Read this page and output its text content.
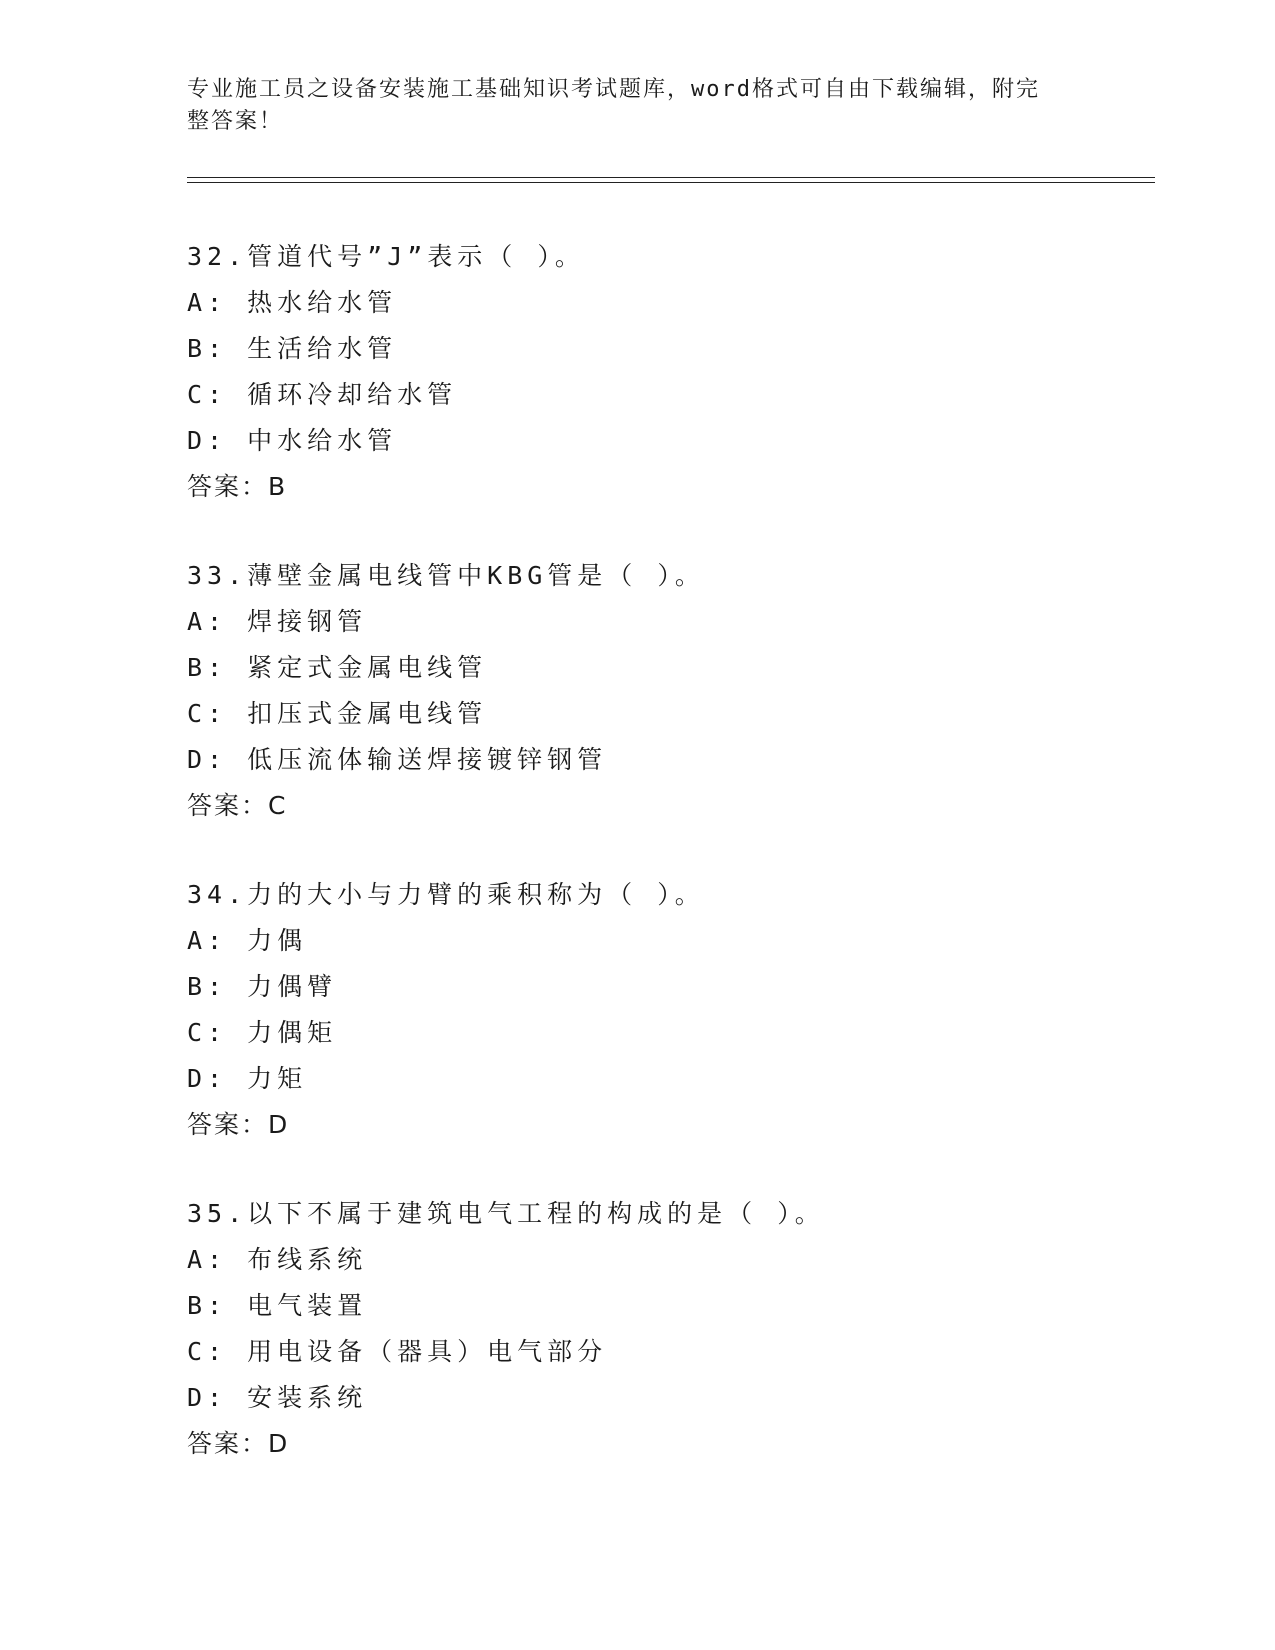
专业施工员之设备安装施工基础知识考试题库，word格式可自由下载编辑，附完
整答案！
32.管道代号”J”表示（ ）。
A: 热水给水管
B: 生活给水管
C: 循环冷却给水管
D: 中水给水管
答案：B
33.薄壁金属电线管中KBG管是（ ）。
A: 焊接钢管
B: 紧定式金属电线管
C: 扣压式金属电线管
D: 低压流体输送焊接镀锌钢管
答案：C
34.力的大小与力臂的乘积称为（ ）。
A: 力偶
B: 力偶臂
C: 力偶矩
D: 力矩
答案：D
35.以下不属于建筑电气工程的构成的是（ ）。
A: 布线系统
B: 电气装置
C: 用电设备（器具）电气部分
D: 安装系统
答案：D
